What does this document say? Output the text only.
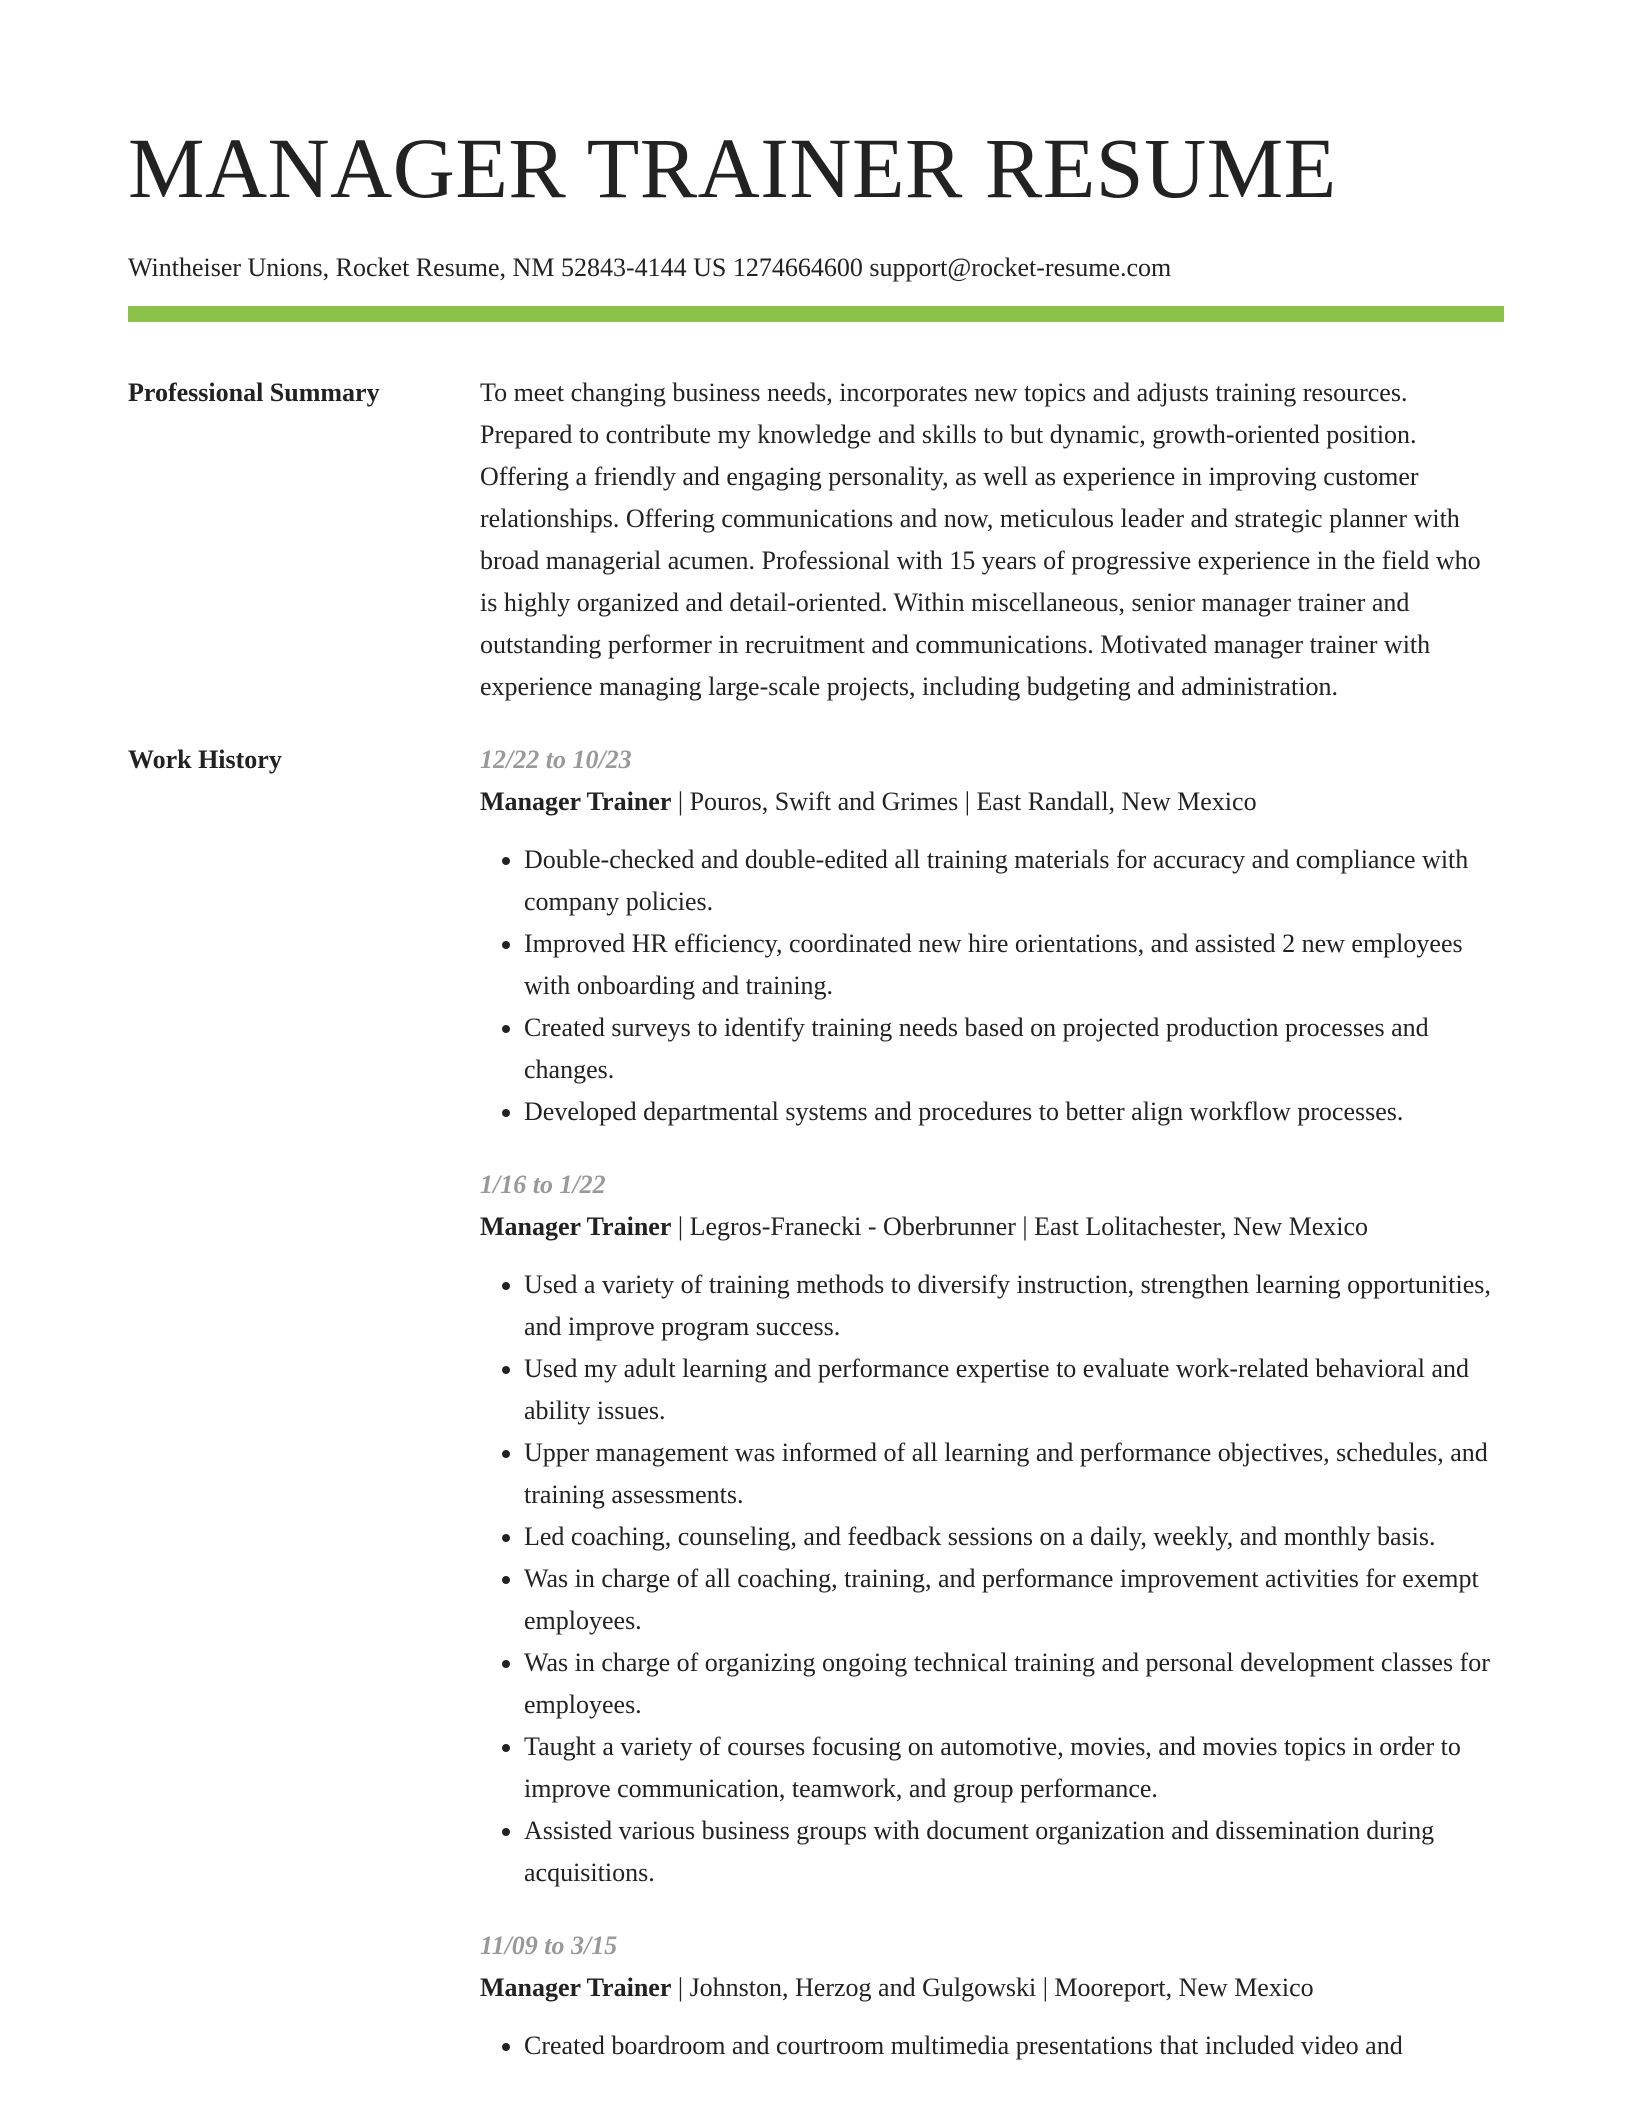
MANAGER TRAINER RESUME
Wintheiser Unions, Rocket Resume, NM 52843-4144 US 1274664600 support@rocket-resume.com
Professional Summary	To meet changing business needs, incorporates new topics and adjusts training resources. Prepared to contribute my knowledge and skills to but dynamic, growth-oriented position. Offering a friendly and engaging personality, as well as experience in improving customer relationships. Offering communications and now, meticulous leader and strategic planner with broad managerial acumen. Professional with 15 years of progressive experience in the field who is highly organized and detail-oriented. Within miscellaneous, senior manager trainer and outstanding performer in recruitment and communications. Motivated manager trainer with experience managing large-scale projects, including budgeting and administration.

Work History	12/22 to 10/23
Manager Trainer | Pouros, Swift and Grimes | East Randall, New Mexico
• Double-checked and double-edited all training materials for accuracy and compliance with company policies.
• Improved HR efficiency, coordinated new hire orientations, and assisted 2 new employees with onboarding and training.
• Created surveys to identify training needs based on projected production processes and changes.
• Developed departmental systems and procedures to better align workflow processes.
1/16 to 1/22
Manager Trainer | Legros-Franecki - Oberbrunner | East Lolitachester, New Mexico
• Used a variety of training methods to diversify instruction, strengthen learning opportunities, and improve program success.
• Used my adult learning and performance expertise to evaluate work-related behavioral and ability issues.
• Upper management was informed of all learning and performance objectives, schedules, and training assessments.
• Led coaching, counseling, and feedback sessions on a daily, weekly, and monthly basis.
• Was in charge of all coaching, training, and performance improvement activities for exempt employees.
• Was in charge of organizing ongoing technical training and personal development classes for employees.
• Taught a variety of courses focusing on automotive, movies, and movies topics in order to improve communication, teamwork, and group performance.
• Assisted various business groups with document organization and dissemination during acquisitions.
11/09 to 3/15
Manager Trainer | Johnston, Herzog and Gulgowski | Mooreport, New Mexico
• Created boardroom and courtroom multimedia presentations that included video and
